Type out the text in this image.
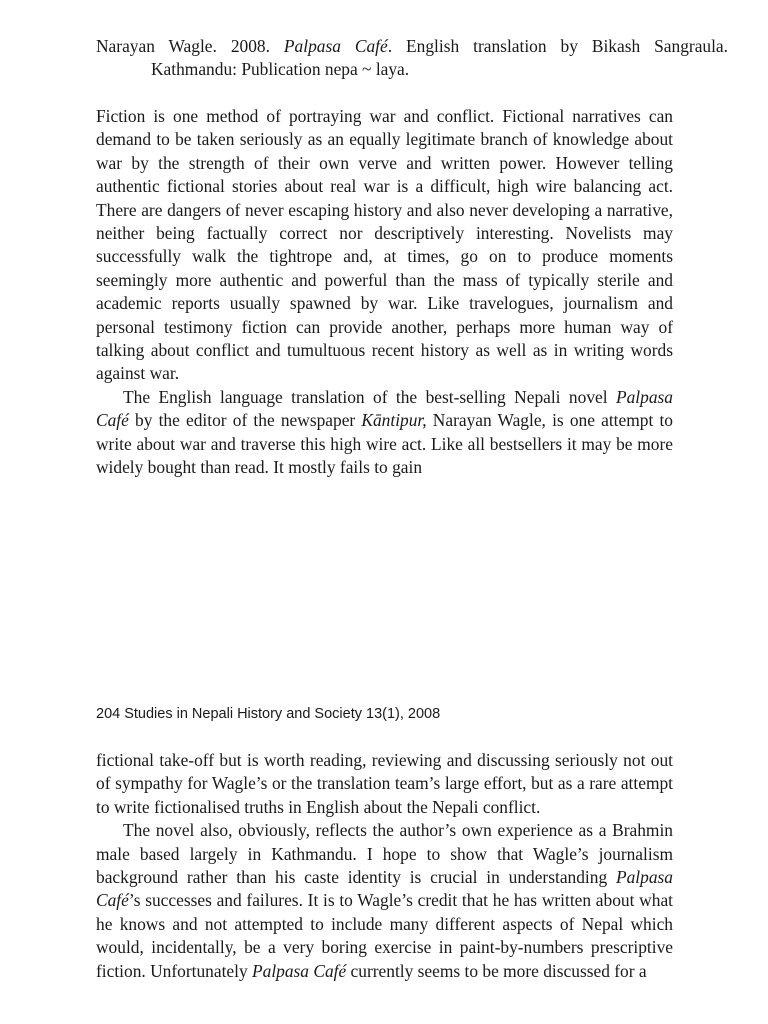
Narayan Wagle. 2008. Palpasa Café. English translation by Bikash Sangraula. Kathmandu: Publication nepa ~ laya.

Fiction is one method of portraying war and conflict. Fictional narratives can demand to be taken seriously as an equally legitimate branch of knowledge about war by the strength of their own verve and written power. However telling authentic fictional stories about real war is a difficult, high wire balancing act. There are dangers of never escaping history and also never developing a narrative, neither being factually correct nor descriptively interesting. Novelists may successfully walk the tightrope and, at times, go on to produce moments seemingly more authentic and powerful than the mass of typically sterile and academic reports usually spawned by war. Like travelogues, journalism and personal testimony fiction can provide another, perhaps more human way of talking about conflict and tumultuous recent history as well as in writing words against war.

The English language translation of the best-selling Nepali novel Palpasa Café by the editor of the newspaper Kāntipur, Narayan Wagle, is one attempt to write about war and traverse this high wire act. Like all bestsellers it may be more widely bought than read. It mostly fails to gain

204 Studies in Nepali History and Society 13(1), 2008

fictional take-off but is worth reading, reviewing and discussing seriously not out of sympathy for Wagle’s or the translation team’s large effort, but as a rare attempt to write fictionalised truths in English about the Nepali conflict.

The novel also, obviously, reflects the author’s own experience as a Brahmin male based largely in Kathmandu. I hope to show that Wagle’s journalism background rather than his caste identity is crucial in understanding Palpasa Café’s successes and failures. It is to Wagle’s credit that he has written about what he knows and not attempted to include many different aspects of Nepal which would, incidentally, be a very boring exercise in paint-by-numbers prescriptive fiction. Unfortunately Palpasa Café currently seems to be more discussed for a
